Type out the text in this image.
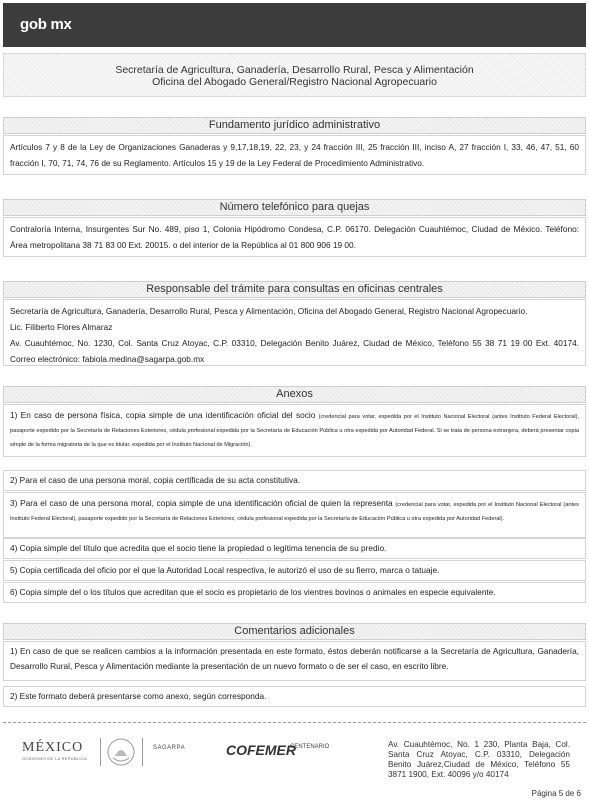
gob mx
Secretaría de Agricultura, Ganadería, Desarrollo Rural, Pesca y Alimentación
Oficina del Abogado General/Registro Nacional Agropecuario
Fundamento jurídico administrativo

Artículos 7 y 8 de la Ley de Organizaciones Ganaderas y 9,17,18,19, 22, 23, y 24 fracción III, 25 fracción III, inciso A, 27 fracción I, 33, 46, 47, 51, 60 fracción I, 70, 71, 74, 76 de su Reglamento. Artículos 15 y 19 de la Ley Federal de Procedimiento Administrativo.

Número telefónico para quejas

Contraloría Interna, Insurgentes Sur No. 489, piso 1, Colonia Hipódromo Condesa, C.P. 06170. Delegación Cuauhtémoc, Ciudad de México. Teléfono: Área metropolitana 38 71 83 00 Ext. 20015. o del interior de la República al 01 800 906 19 00.

Responsable del trámite para consultas en oficinas centrales

Secretaría de Agricultura, Ganadería, Desarrollo Rural, Pesca y Alimentación, Oficina del Abogado General, Registro Nacional Agropecuario.

Lic. Filiberto Flores Almaraz

Av. Cuauhtémoc, No. 1230, Col. Santa Cruz Atoyac, C.P. 03310, Delegación Benito Juárez, Ciudad de México, Teléfono 55 38 71 19 00 Ext. 40174. Correo electrónico: fabiola.medina@sagarpa.gob.mx

Anexos
1) En caso de persona física, copia simple de una identificación oficial del socio (credencial para votar, expedida por el Instituto Nacional Electoral (antes Instituto Federal Electoral), pasaporte expedido por la Secretaría de Relaciones Exteriores, cédula profesional expedida por la Secretaría de Educación Pública u otra expedida por Autoridad Federal. Si se trata de persona extranjera, deberá presentar copia simple de la forma migratoria de la que es titular, expedida por el Instituto Nacional de Migración).
2) Para el caso de una persona moral, copia certificada de su acta constitutiva.
3) Para el caso de una persona moral, copia simple de una identificación oficial de quien la representa (credencial para votar, expedida por el Instituto Nacional Electoral (antes Instituto Federal Electoral), pasaporte expedido por la Secretaría de Relaciones Exteriores, cédula profesional expedida por la Secretaría de Educación Pública u otra expedida por Autoridad Federal).
4) Copia simple del título que acredita que el socio tiene la propiedad o legítima tenencia de su predio.
5) Copia certificada del oficio por el que la Autoridad Local respectiva, le autorizó el uso de su fierro, marca o tatuaje.
6) Copia simple del o los títulos que acreditan que el socio es propietario de los vientres bovinos o animales en especie equivalente.
Comentarios adicionales
1) En caso de que se realicen cambios a la información presentada en este formato, éstos deberán notificarse a la Secretaría de Agricultura, Ganadería, Desarrollo Rural, Pesca y Alimentación mediante la presentación de un nuevo formato o de ser el caso, en escrito libre.
2) Este formato deberá presentarse como anexo, según corresponda.
MÉXICO
GOBIERNO DE LA REPÚBLICA
SAGARPA	COFEMER
CENTENARIO	Av. Cuauhtémoc, No. 1 230, Planta Baja, Col. Santa Cruz Atoyac, C.P. 03310, Delegación Benito Juárez,Ciudad de México, Teléfono 55 3871 1900, Ext. 40096 y/o 40174
Página 5 de 6
